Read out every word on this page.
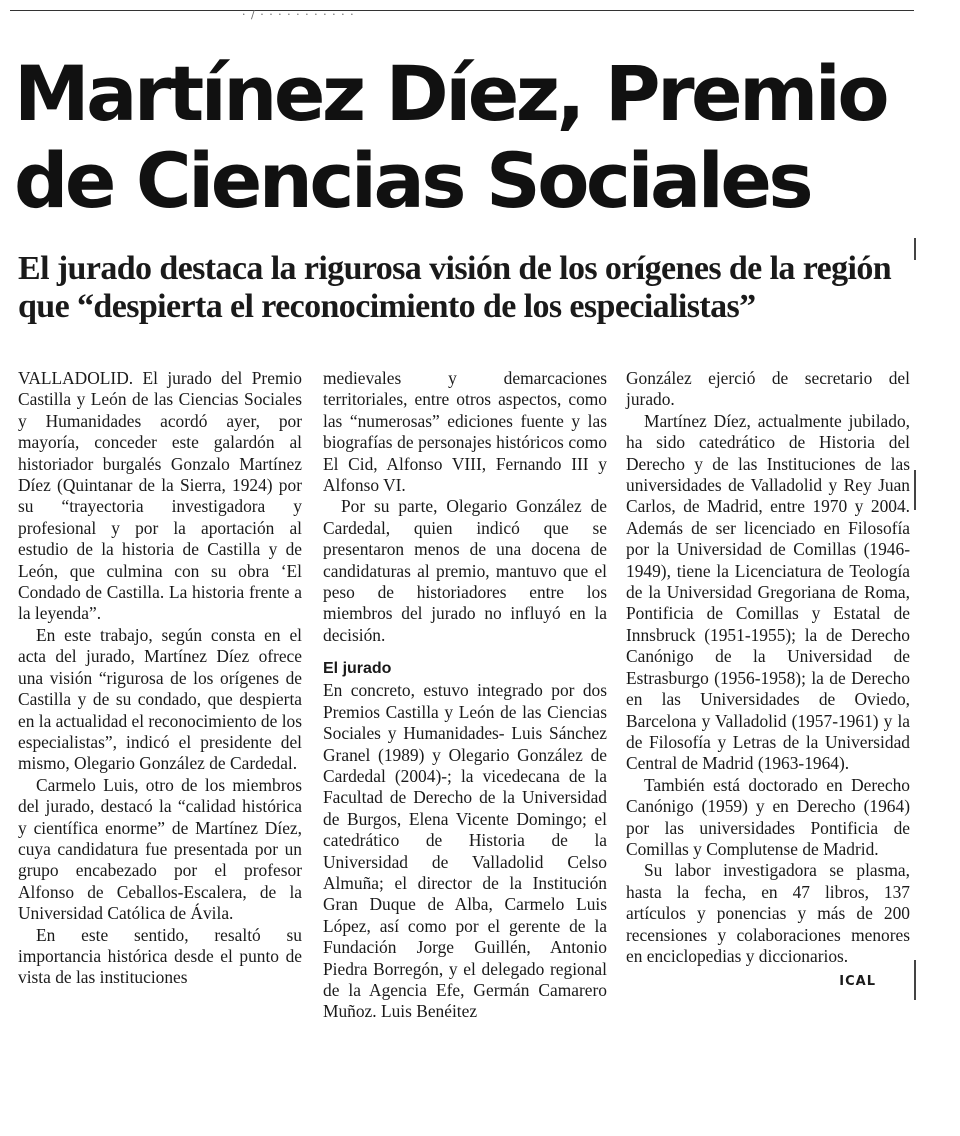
· / · · · · · · · · · · ·
Martínez Díez, Premio
de Ciencias Sociales
El jurado destaca la rigurosa visión de los orígenes de la región
que “despierta el reconocimiento de los especialistas”

VALLADOLID. El jurado del Premio Castilla y León de las Ciencias Sociales y Humanidades acordó ayer, por mayoría, conceder este galardón al historiador burgalés Gonzalo Martínez Díez (Quintanar de la Sierra, 1924) por su “trayectoria investigadora y profesional y por la aportación al estudio de la historia de Castilla y de León, que culmina con su obra ‘El Condado de Castilla. La historia frente a la leyenda”.

En este trabajo, según consta en el acta del jurado, Martínez Díez ofrece una visión “rigurosa de los orígenes de Castilla y de su condado, que despierta en la actualidad el reconocimiento de los especialistas”, indicó el presidente del mismo, Olegario González de Cardedal.

Carmelo Luis, otro de los miembros del jurado, destacó la “calidad histórica y científica enorme” de Martínez Díez, cuya candidatura fue presentada por un grupo encabezado por el profesor Alfonso de Ceballos-Escalera, de la Universidad Católica de Ávila.

En este sentido, resaltó su importancia histórica desde el punto de vista de las instituciones

medievales y demarcaciones territoriales, entre otros aspectos, como las “numerosas” ediciones fuente y las biografías de personajes históricos como El Cid, Alfonso VIII, Fernando III y Alfonso VI.

Por su parte, Olegario González de Cardedal, quien indicó que se presentaron menos de una docena de candidaturas al premio, mantuvo que el peso de historiadores entre los miembros del jurado no influyó en la decisión.

El jurado

En concreto, estuvo integrado por dos Premios Castilla y León de las Ciencias Sociales y Humanidades- Luis Sánchez Granel (1989) y Olegario González de Cardedal (2004)-; la vicedecana de la Facultad de Derecho de la Universidad de Burgos, Elena Vicente Domingo; el catedrático de Historia de la Universidad de Valladolid Celso Almuña; el director de la Institución Gran Duque de Alba, Carmelo Luis López, así como por el gerente de la Fundación Jorge Guillén, Antonio Piedra Borregón, y el delegado regional de la Agencia Efe, Germán Camarero Muñoz. Luis Benéitez

González ejerció de secretario del jurado.

Martínez Díez, actualmente jubilado, ha sido catedrático de Historia del Derecho y de las Instituciones de las universidades de Valladolid y Rey Juan Carlos, de Madrid, entre 1970 y 2004. Además de ser licenciado en Filosofía por la Universidad de Comillas (1946-1949), tiene la Licenciatura de Teología de la Universidad Gregoriana de Roma, Pontificia de Comillas y Estatal de Innsbruck (1951-1955); la de Derecho Canónigo de la Universidad de Estrasburgo (1956-1958); la de Derecho en las Universidades de Oviedo, Barcelona y Valladolid (1957-1961) y la de Filosofía y Letras de la Universidad Central de Madrid (1963-1964).

También está doctorado en Derecho Canónigo (1959) y en Derecho (1964) por las universidades Pontificia de Comillas y Complutense de Madrid.

Su labor investigadora se plasma, hasta la fecha, en 47 libros, 137 artículos y ponencias y más de 200 recensiones y colaboraciones menores en enciclopedias y diccionarios.

ICAL
